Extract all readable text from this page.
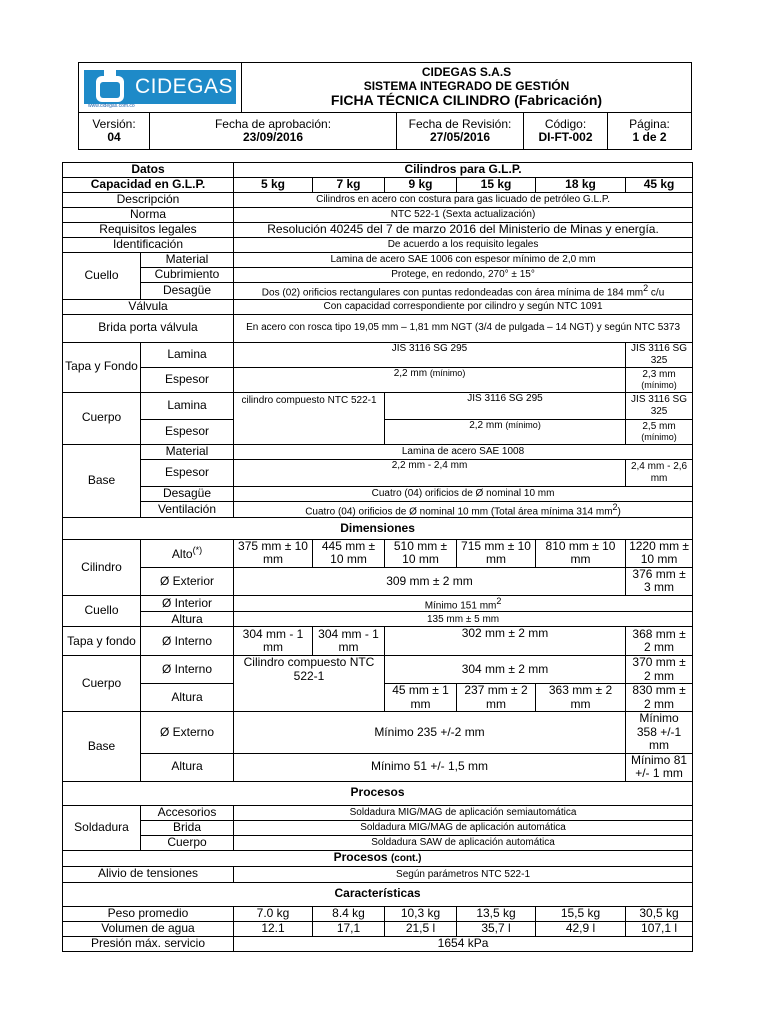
CIDEGAS
www.cidegas.com.co

CIDEGAS S.A.S
SISTEMA INTEGRADO DE GESTIÓN
FICHA TÉCNICA CILINDRO (Fabricación)

Versión:
04

Fecha de aprobación:
23/09/2016

Fecha de Revisión:
27/05/2016

Código:
DI-FT-002

Página:
1 de 2
Datos		Cilindros para G.L.P.					
Capacidad en G.L.P.		5 kg	7 kg	9 kg	15 kg	18 kg	45 kg
Descripción		Cilindros en acero con costura para gas licuado de petróleo G.L.P.					
Norma		NTC 522-1 (Sexta actualización)					
Requisitos legales		Resolución 40245 del 7 de marzo 2016 del Ministerio de Minas y energía.					
Identificación		De acuerdo a los requisito legales					
Cuello	Material	Lamina de acero SAE 1006 con espesor mínimo de 2,0 mm					
	Cubrimiento	Protege, en redondo, 270° ± 15°					
	Desagüe	Dos (02) orificios rectangulares con puntas redondeadas con área mínima de 184 $mm^2$ c/u					
Válvula		Con capacidad correspondiente por cilindro y según NTC 1091					
Brida porta válvula		En acero con rosca tipo 19,05 mm – 1,81 mm NGT (3/4 de pulgada – 14 NGT) y según NTC 5373					
Tapa y Fondo	Lamina	JIS 3116 SG 295					JIS 3116 SG 325
	Espesor	2,2 mm (mínimo)					2,3 mm
(mínimo)

Cuerpo	Lamina	cilindro compuesto NTC 522-1		JIS 3116 SG 295			JIS 3116 SG 325
	Espesor			2,2 mm (mínimo)			2,5 mm
(mínimo)

Base	Material	Lamina de acero SAE 1008					
	Espesor	2,2 mm - 2,4 mm					2,4 mm - 2,6 mm
	Desagüe	Cuatro (04) orificios de Ø nominal 10 mm					
	Ventilación	Cuatro (04) orificios de Ø nominal 10 mm (Total área mínima 314 $mm^2$)					
Dimensiones							
Cilindro	Alto(*)	375 mm ± 10 mm	445 mm ± 10 mm	510 mm ± 10 mm	715 mm ± 10 mm	810 mm ± 10 mm	1220 mm ± 10 mm
	Ø Exterior	309 mm ± 2 mm					376 mm ± 3 mm
Cuello	Ø Interior	Mínimo 151 $mm^2$
	Altura	135 mm ± 5 mm					
Tapa y fondo	Ø Interno	304 mm - 1 mm	304 mm - 1 mm	302 mm ± 2 mm			368 mm ± 2 mm
Cuerpo	Ø Interno	Cilindro compuesto NTC 522-1		304 mm ± 2 mm			370 mm ± 2 mm
	Altura			45 mm ± 1 mm	237 mm ± 2 mm	363 mm ± 2 mm	830 mm ± 2 mm
Base	Ø Externo	Mínimo 235 +/-2 mm					Mínimo 358 +/-1 mm
	Altura	Mínimo 51 +/- 1,5 mm					Mínimo 81 +/- 1 mm
Procesos							
Soldadura	Accesorios	Soldadura MIG/MAG de aplicación semiautomática					
	Brida	Soldadura MIG/MAG de aplicación automática					
	Cuerpo	Soldadura SAW de aplicación automática					
Procesos (cont.)							
Alivio de tensiones		Según parámetros NTC 522-1					
Características							
Peso promedio		7.0 kg	8.4 kg	10,3 kg	13,5 kg	15,5 kg	30,5 kg
Volumen de agua		12.1	17,1	21,5 l	35,7 l	42,9 l	107,1 l
Presión máx. servicio		1654 kPa					
